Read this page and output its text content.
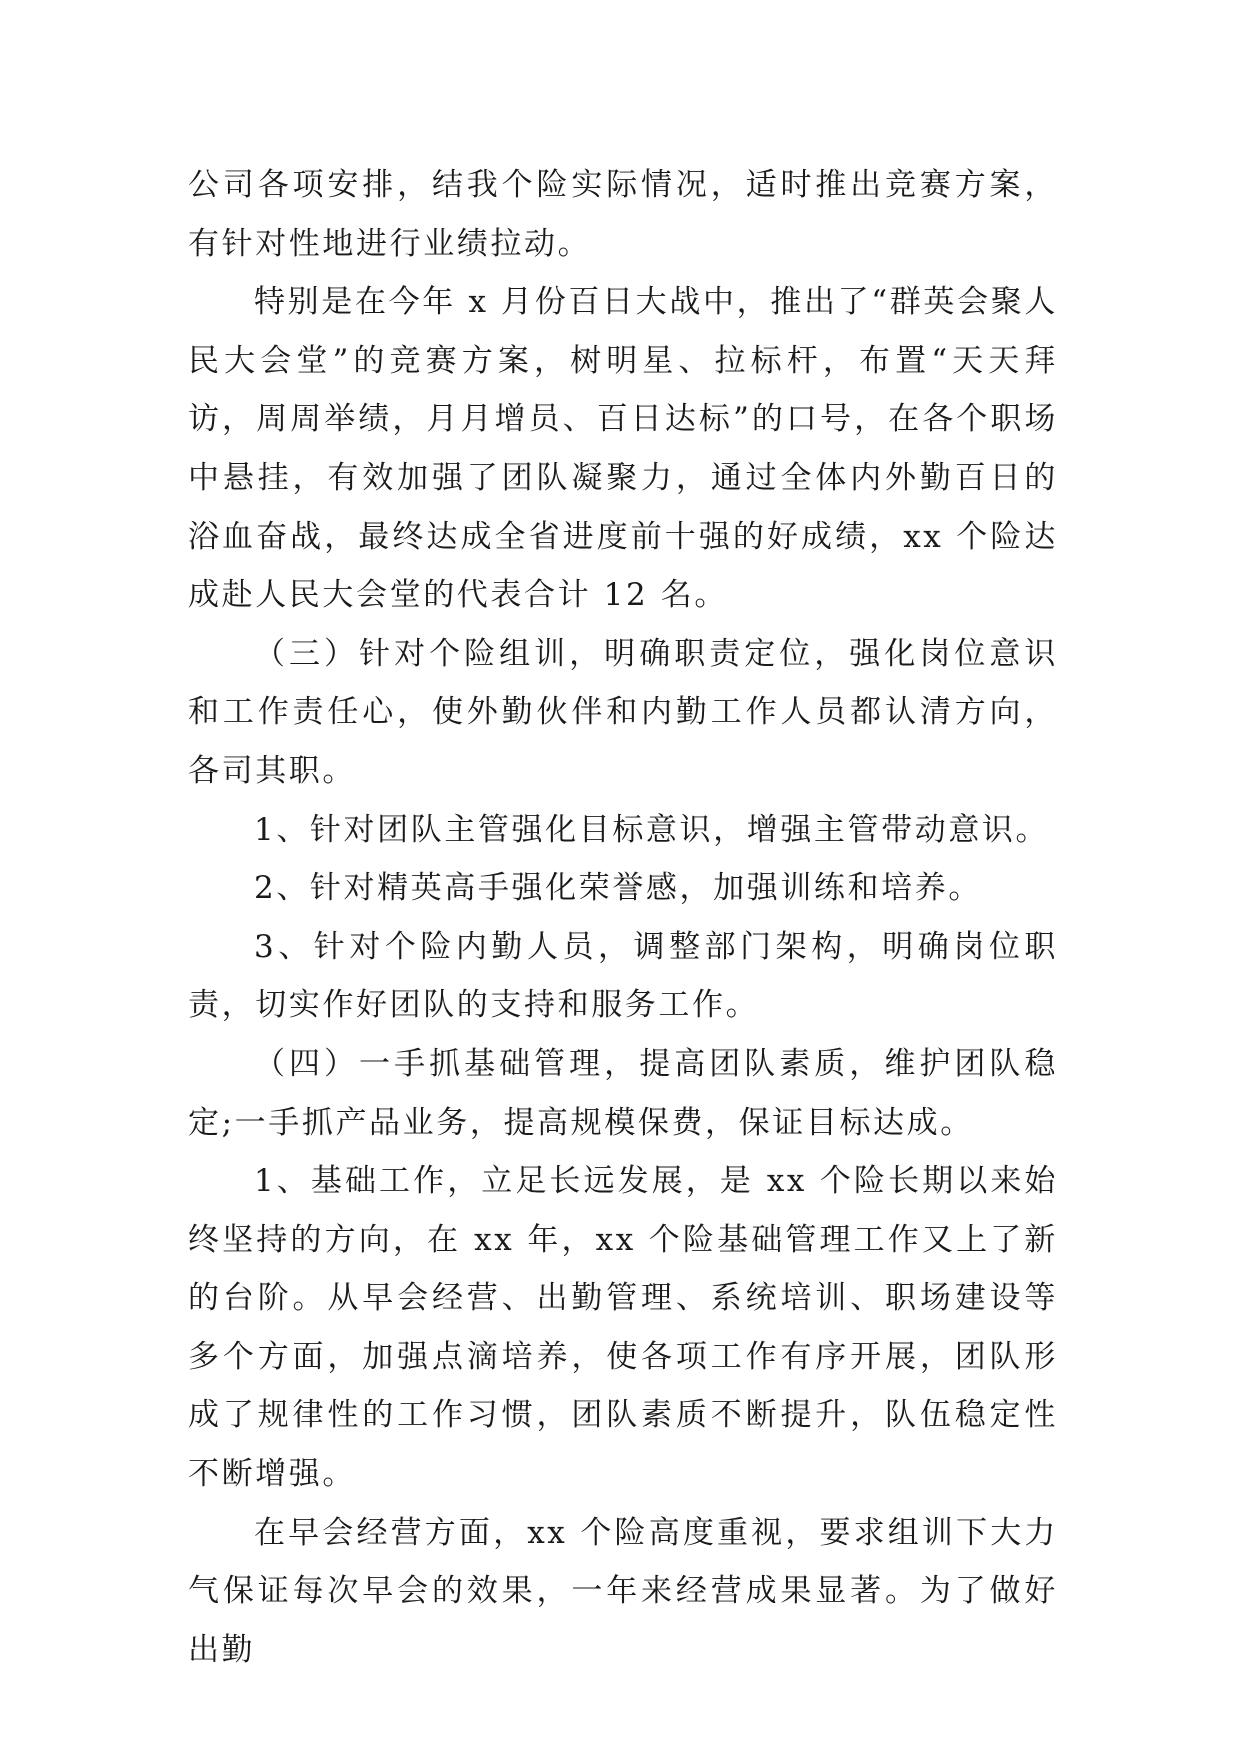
公司各项安排，结我个险实际情况，适时推出竞赛方案，有针对性地进行业绩拉动。

特别是在今年 x 月份百日大战中，推出了“群英会聚人民大会堂”的竞赛方案，树明星、拉标杆，布置“天天拜访，周周举绩，月月增员、百日达标”的口号，在各个职场中悬挂，有效加强了团队凝聚力，通过全体内外勤百日的浴血奋战，最终达成全省进度前十强的好成绩，xx 个险达成赴人民大会堂的代表合计 12 名。

（三）针对个险组训，明确职责定位，强化岗位意识和工作责任心，使外勤伙伴和内勤工作人员都认清方向，各司其职。

1、针对团队主管强化目标意识，增强主管带动意识。

2、针对精英高手强化荣誉感，加强训练和培养。

3、针对个险内勤人员，调整部门架构，明确岗位职责，切实作好团队的支持和服务工作。

（四）一手抓基础管理，提高团队素质，维护团队稳定;一手抓产品业务，提高规模保费，保证目标达成。

1、基础工作，立足长远发展，是 xx 个险长期以来始终坚持的方向，在 xx 年，xx 个险基础管理工作又上了新的台阶。从早会经营、出勤管理、系统培训、职场建设等多个方面，加强点滴培养，使各项工作有序开展，团队形成了规律性的工作习惯，团队素质不断提升，队伍稳定性不断增强。

在早会经营方面，xx 个险高度重视，要求组训下大力气保证每次早会的效果，一年来经营成果显著。为了做好出勤
